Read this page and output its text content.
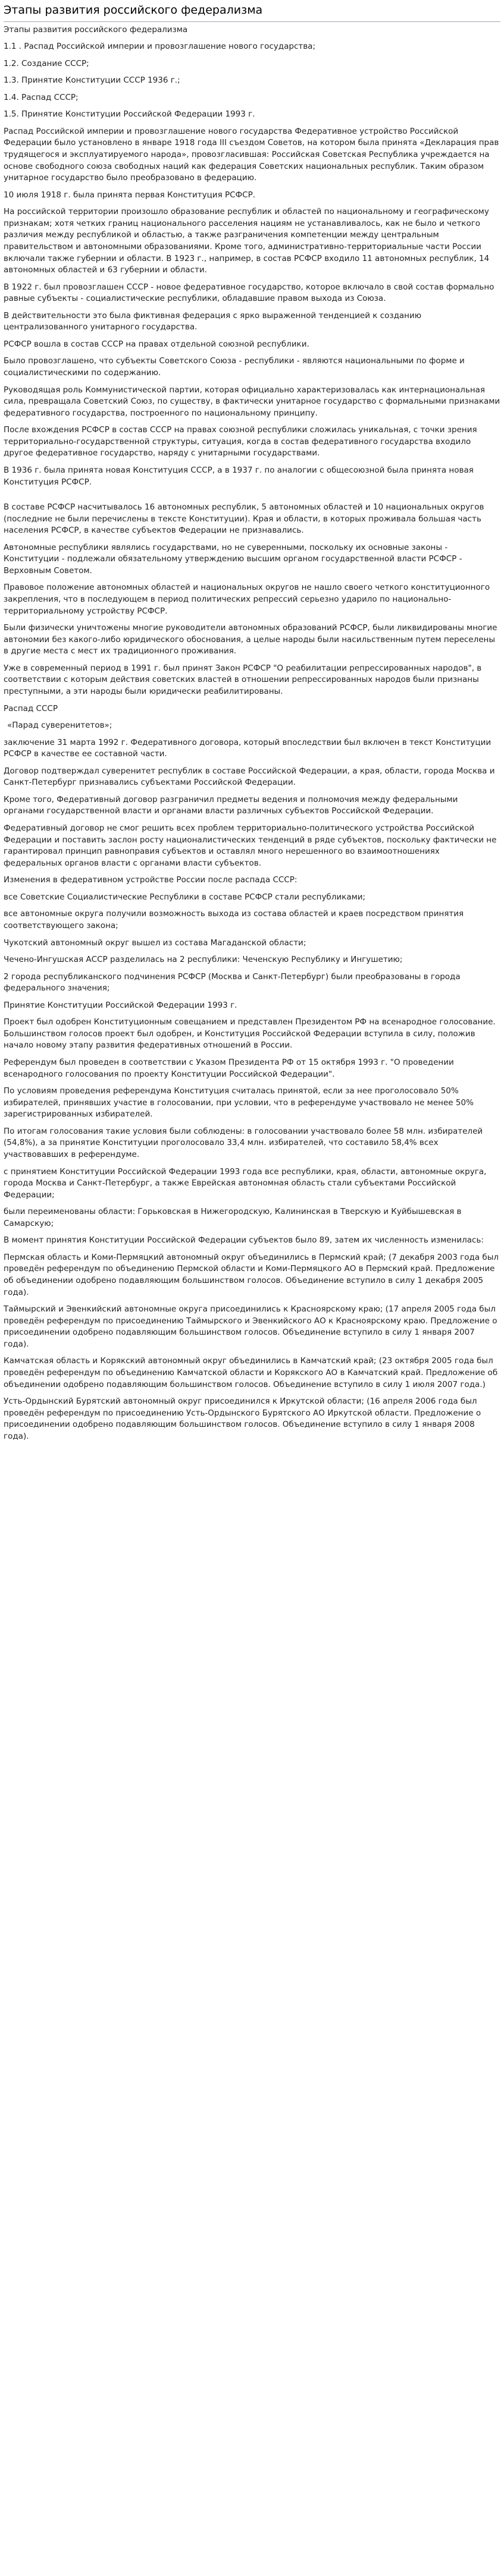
Этапы развития российского федерализма

Этапы развития российского федерализма

1.1 . Распад Российской империи и провозглашение нового государства;

1.2. Создание СССР;

1.3. Принятие Конституции СССР 1936 г.;

1.4. Распад СССР;

1.5. Принятие Конституции Российской Федерации 1993 г.

Распад Российской империи и провозглашение нового государства Федеративное устройство Российской Федерации было установлено в январе 1918 года III съездом Советов, на котором была принята «Декларация прав трудящегося и эксплуатируемого народа», провозгласившая: Российская Советская Республика учреждается на основе свободного союза свободных наций как федерация Советских национальных республик. Таким образом унитарное государство было преобразовано в федерацию.

10 июля 1918 г. была принята первая Конституция РСФСР.

На российской территории произошло образование республик и областей по национальному и географическому признакам; хотя четких границ национального расселения нациям не устанавливалось, как не было и четкого различия между республикой и областью, а также разграничения компетенции между центральным правительством и автономными образованиями. Кроме того, административно-территориальные части России включали также губернии и области. В 1923 г., например, в состав РСФСР входило 11 автономных республик, 14 автономных областей и 63 губернии и области.

В 1922 г. был провозглашен СССР - новое федеративное государство, которое включало в свой состав формально равные субъекты - социалистические республики, обладавшие правом выхода из Союза.

В действительности это была фиктивная федерация с ярко выраженной тенденцией к созданию централизованного унитарного государства.

РСФСР вошла в состав СССР на правах отдельной союзной республики.

Было провозглашено, что субъекты Советского Союза - республики - являются национальными по форме и социалистическими по содержанию.

Руководящая роль Коммунистической партии, которая официально характеризовалась как интернациональная сила, превращала Советский Союз, по существу, в фактически унитарное государство с формальными признаками федеративного государства, построенного по национальному принципу.

После вхождения РСФСР в состав СССР на правах союзной республики сложилась уникальная, с точки зрения территориально-государственной структуры, ситуация, когда в состав федеративного государства входило другое федеративное государство, наряду с унитарными государствами.

В 1936 г. была принята новая Конституция СССР, а в 1937 г. по аналогии с общесоюзной была принята новая Конституция РСФСР.

В составе РСФСР насчитывалось 16 автономных республик, 5 автономных областей и 10 национальных округов (последние не были перечислены в тексте Конституции). Края и области, в которых проживала большая часть населения РСФСР, в качестве субъектов Федерации не признавались.

Автономные республики являлись государствами, но не суверенными, поскольку их основные законы - Конституции - подлежали обязательному утверждению высшим органом государственной власти РСФСР - Верховным Советом.

Правовое положение автономных областей и национальных округов не нашло своего четкого конституционного закрепления, что в последующем в период политических репрессий серьезно ударило по национально-территориальному устройству РСФСР.

Были физически уничтожены многие руководители автономных образований РСФСР, были ликвидированы многие автономии без какого-либо юридического обоснования, а целые народы были насильственным путем переселены в другие места с мест их традиционного проживания.

Уже в современный период в 1991 г. был принят Закон РСФСР "О реабилитации репрессированных народов", в соответствии с которым действия советских властей в отношении репрессированных народов были признаны преступными, а эти народы были юридически реабилитированы.

Распад СССР

«Парад суверенитетов»;

заключение 31 марта 1992 г. Федеративного договора, который впоследствии был включен в текст Конституции РСФСР в качестве ее составной части.

Договор подтверждал суверенитет республик в составе Российской Федерации, а края, области, города Москва и Санкт-Петербург признавались субъектами Российской Федерации.

Кроме того, Федеративный договор разграничил предметы ведения и полномочия между федеральными органами государственной власти и органами власти различных субъектов Российской Федерации.

Федеративный договор не смог решить всех проблем территориально-политического устройства Российской Федерации и поставить заслон росту националистических тенденций в ряде субъектов, поскольку фактически не гарантировал принцип равноправия субъектов и оставлял много нерешенного во взаимоотношениях федеральных органов власти с органами власти субъектов.

Изменения в федеративном устройстве России после распада СССР:

все Советские Социалистические Республики в составе РСФСР стали республиками;

все автономные округа получили возможность выхода из состава областей и краев посредством принятия соответствующего закона;

Чукотский автономный округ вышел из состава Магаданской области;

Чечено-Ингушская АССР разделилась на 2 республики: Чеченскую Республику и Ингушетию;

2 города республиканского подчинения РСФСР (Москва и Санкт-Петербург) были преобразованы в города федерального значения;

Принятие Конституции Российской Федерации 1993 г.

Проект был одобрен Конституционным совещанием и представлен Президентом РФ на всенародное голосование. Большинством голосов проект был одобрен, и Конституция Российской Федерации вступила в силу, положив начало новому этапу развития федеративных отношений в России.

Референдум был проведен в соответствии с Указом Президента РФ от 15 октября 1993 г. "О проведении всенародного голосования по проекту Конституции Российской Федерации".

По условиям проведения референдума Конституция считалась принятой, если за нее проголосовало 50% избирателей, принявших участие в голосовании, при условии, что в референдуме участвовало не менее 50% зарегистрированных избирателей.

По итогам голосования такие условия были соблюдены: в голосовании участвовало более 58 млн. избирателей (54,8%), а за принятие Конституции проголосовало 33,4 млн. избирателей, что составило 58,4% всех участвовавших в референдуме.

с принятием Конституции Российской Федерации 1993 года все республики, края, области, автономные округа, города Москва и Санкт-Петербург, а также Еврейская автономная область стали субъектами Российской Федерации;

были переименованы области: Горьковская в Нижегородскую, Калининская в Тверскую и Куйбышевская в Самарскую;

В момент принятия Конституции Российской Федерации субъектов было 89, затем их численность изменилась:

Пермская область и Коми-Пермяцкий автономный округ объединились в Пермский край; (7 декабря 2003 года был проведён референдум по объединению Пермской области и Коми-Пермяцкого АО в Пермский край. Предложение об объединении одобрено подавляющим большинством голосов. Объединение вступило в силу 1 декабря 2005 года).

Таймырский и Эвенкийский автономные округа присоединились к Красноярскому краю; (17 апреля 2005 года был проведён референдум по присоединению Таймырского и Эвенкийского АО к Красноярскому краю. Предложение о присоединении одобрено подавляющим большинством голосов. Объединение вступило в силу 1 января 2007 года).

Камчатская область и Корякский автономный округ объединились в Камчатский край; (23 октября 2005 года был проведён референдум по объединению Камчатской области и Корякского АО в Камчатский край. Предложение об объединении одобрено подавляющим большинством голосов. Объединение вступило в силу 1 июля 2007 года.)

Усть-Ордынский Бурятский автономный округ присоединился к Иркутской области; (16 апреля 2006 года был проведён референдум по присоединению Усть-Ордынского Бурятского АО Иркутской области. Предложение о присоединении одобрено подавляющим большинством голосов. Объединение вступило в силу 1 января 2008 года).
